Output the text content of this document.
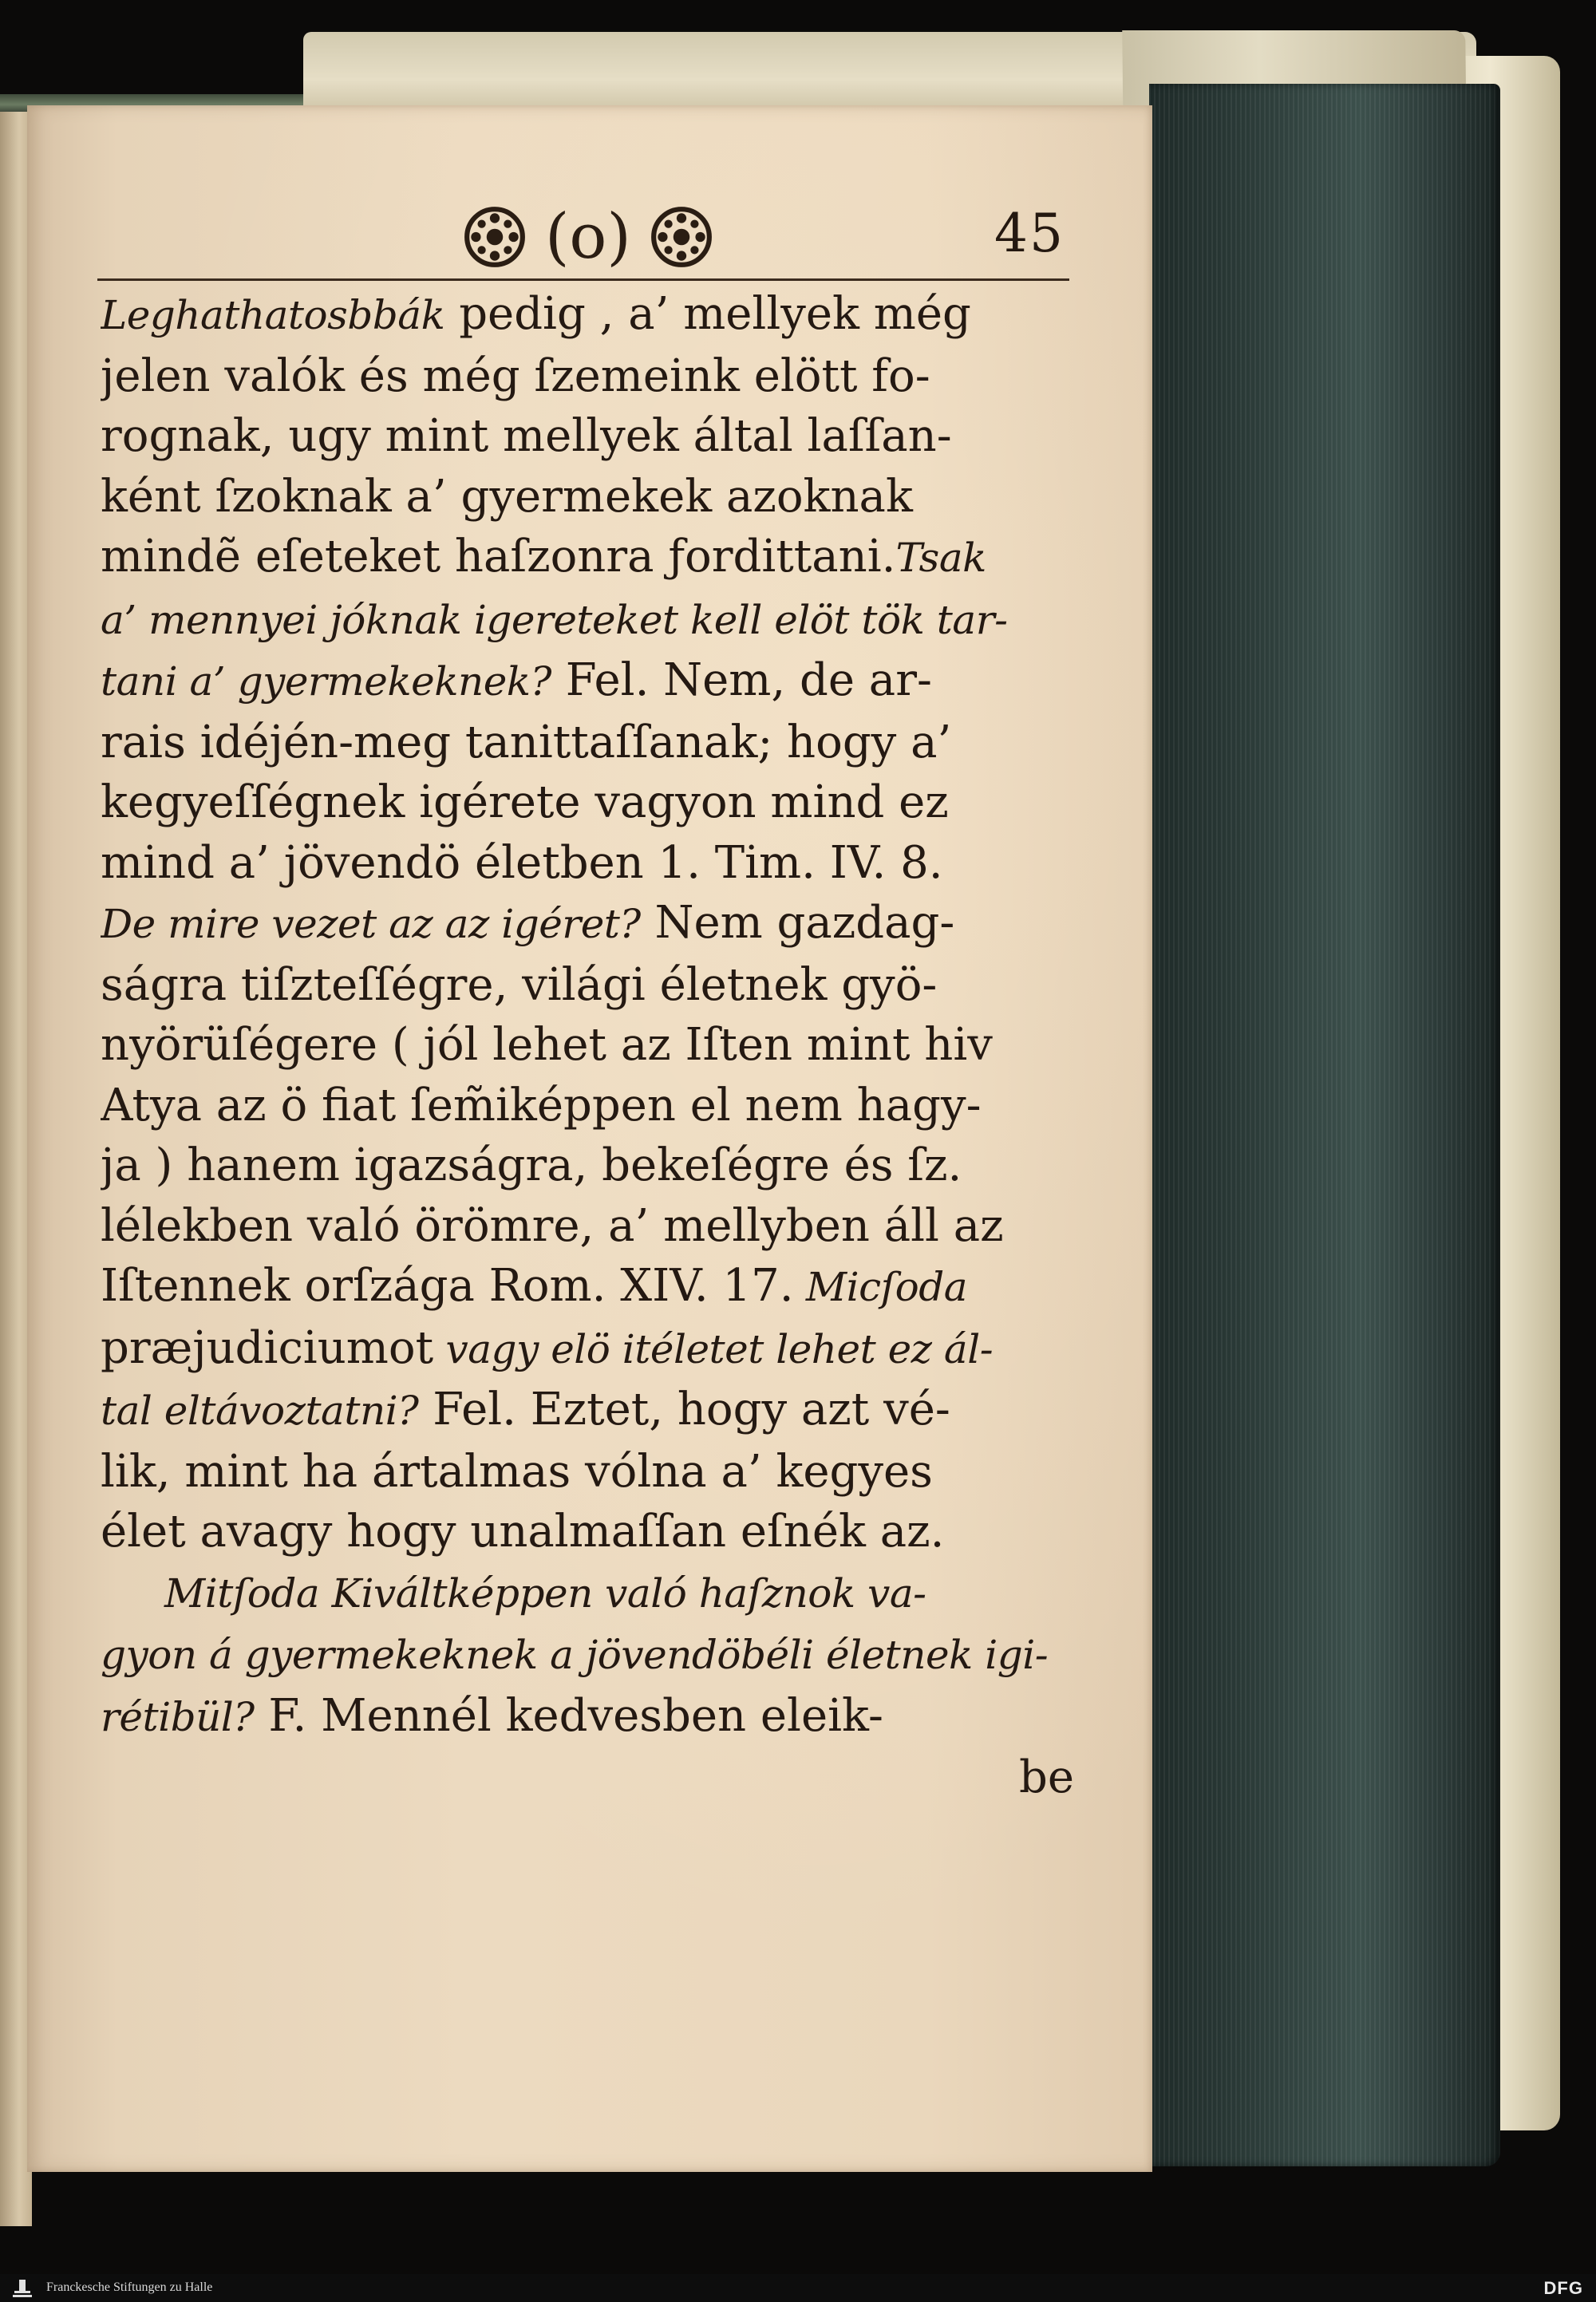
(o)	45
Leghathatosbbák pedig , a’ mellyek még
jelen valók és még ſzemeink elött fo-
rognak, ugy mint mellyek által laſſan-
ként ſzoknak a’ gyermekek azoknak
mindẽ eſeteket haſzonra ƒordittani.Tsak
a’ mennyei jóknak igereteket kell elöt tök tar-
tani a’ gyermekeknek? Fel. Nem, de ar-
rais idéjén-meg tanittaſſanak; hogy a’
kegyeſſégnek igérete vagyon mind ez
mind a’ jövendö életben 1. Tim. IV. 8.
De mire vezet az az igéret? Nem gazdag-
ságra tiſzteſſégre, világi életnek gyö-
nyörüſégere ( jól lehet az Iſten mint hiv
Atya az ö fiat ſem̃iképpen el nem hagy-
ja ) hanem igazságra, bekeſégre és ſz.
lélekben való örömre, a’ mellyben áll az
Iſtennek orſzága Rom. XIV. 17. Micſoda
præjudiciumot vagy elö itéletet lehet ez ál-
tal eltávoztatni? Fel. Eztet, hogy azt vé-
lik, mint ha ártalmas vólna a’ kegyes
élet avagy hogy unalmaſſan eſnék az.
Mitſoda Kiváltképpen való haſznok va-
gyon á gyermekeknek a jövendöbéli életnek igi-
rétibül? F. Mennél kedvesben eleik-
be
Franckesche Stiftungen zu Halle	DFG
